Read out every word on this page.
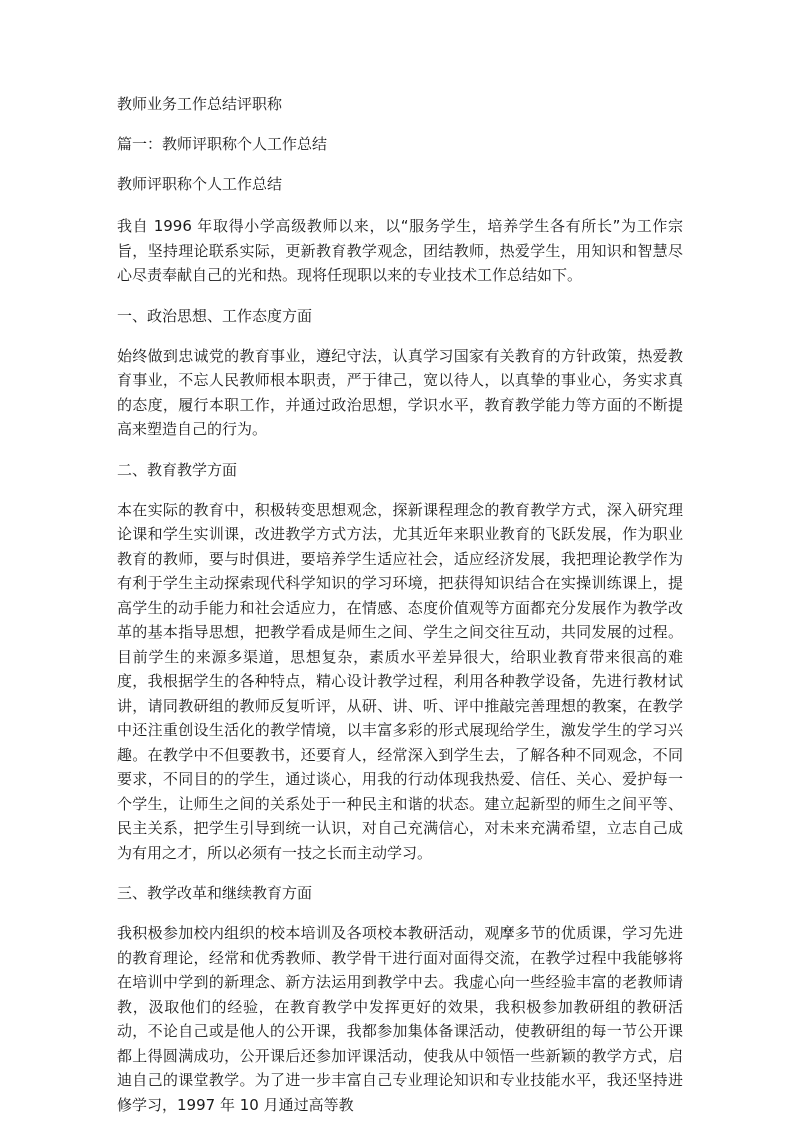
教师业务工作总结评职称

篇一：教师评职称个人工作总结

教师评职称个人工作总结

我自 1996 年取得小学高级教师以来，以“服务学生，培养学生各有所长”为工作宗旨，坚持理论联系实际，更新教育教学观念，团结教师，热爱学生，用知识和智慧尽心尽责奉献自己的光和热。现将任现职以来的专业技术工作总结如下。

一、政治思想、工作态度方面

始终做到忠诚党的教育事业，遵纪守法，认真学习国家有关教育的方针政策，热爱教育事业，不忘人民教师根本职责，严于律己，宽以待人，以真挚的事业心，务实求真的态度，履行本职工作，并通过政治思想，学识水平，教育教学能力等方面的不断提高来塑造自己的行为。

二、教育教学方面

本在实际的教育中，积极转变思想观念，探新课程理念的教育教学方式，深入研究理论课和学生实训课，改进教学方式方法，尤其近年来职业教育的飞跃发展，作为职业教育的教师，要与时俱进，要培养学生适应社会，适应经济发展，我把理论教学作为有利于学生主动探索现代科学知识的学习环境，把获得知识结合在实操训练课上，提高学生的动手能力和社会适应力，在情感、态度价值观等方面都充分发展作为教学改革的基本指导思想，把教学看成是师生之间、学生之间交往互动，共同发展的过程。目前学生的来源多渠道，思想复杂，素质水平差异很大，给职业教育带来很高的难度，我根据学生的各种特点，精心设计教学过程，利用各种教学设备，先进行教材试讲，请同教研组的教师反复听评，从研、讲、听、评中推敲完善理想的教案，在教学中还注重创设生活化的教学情境，以丰富多彩的形式展现给学生，激发学生的学习兴趣。在教学中不但要教书，还要育人，经常深入到学生去，了解各种不同观念，不同要求，不同目的的学生，通过谈心，用我的行动体现我热爱、信任、关心、爱护每一个学生，让师生之间的关系处于一种民主和谐的状态。建立起新型的师生之间平等、民主关系，把学生引导到统一认识，对自己充满信心，对未来充满希望，立志自己成为有用之才，所以必须有一技之长而主动学习。

三、教学改革和继续教育方面

我积极参加校内组织的校本培训及各项校本教研活动，观摩多节的优质课，学习先进的教育理论，经常和优秀教师、教学骨干进行面对面得交流，在教学过程中我能够将在培训中学到的新理念、新方法运用到教学中去。我虚心向一些经验丰富的老教师请教，汲取他们的经验，在教育教学中发挥更好的效果，我积极参加教研组的教研活动，不论自己或是他人的公开课，我都参加集体备课活动，使教研组的每一节公开课都上得圆满成功，公开课后还参加评课活动，使我从中领悟一些新颖的教学方式，启迪自己的课堂教学。为了进一步丰富自己专业理论知识和专业技能水平，我还坚持进修学习，1997 年 10 月通过高等教
